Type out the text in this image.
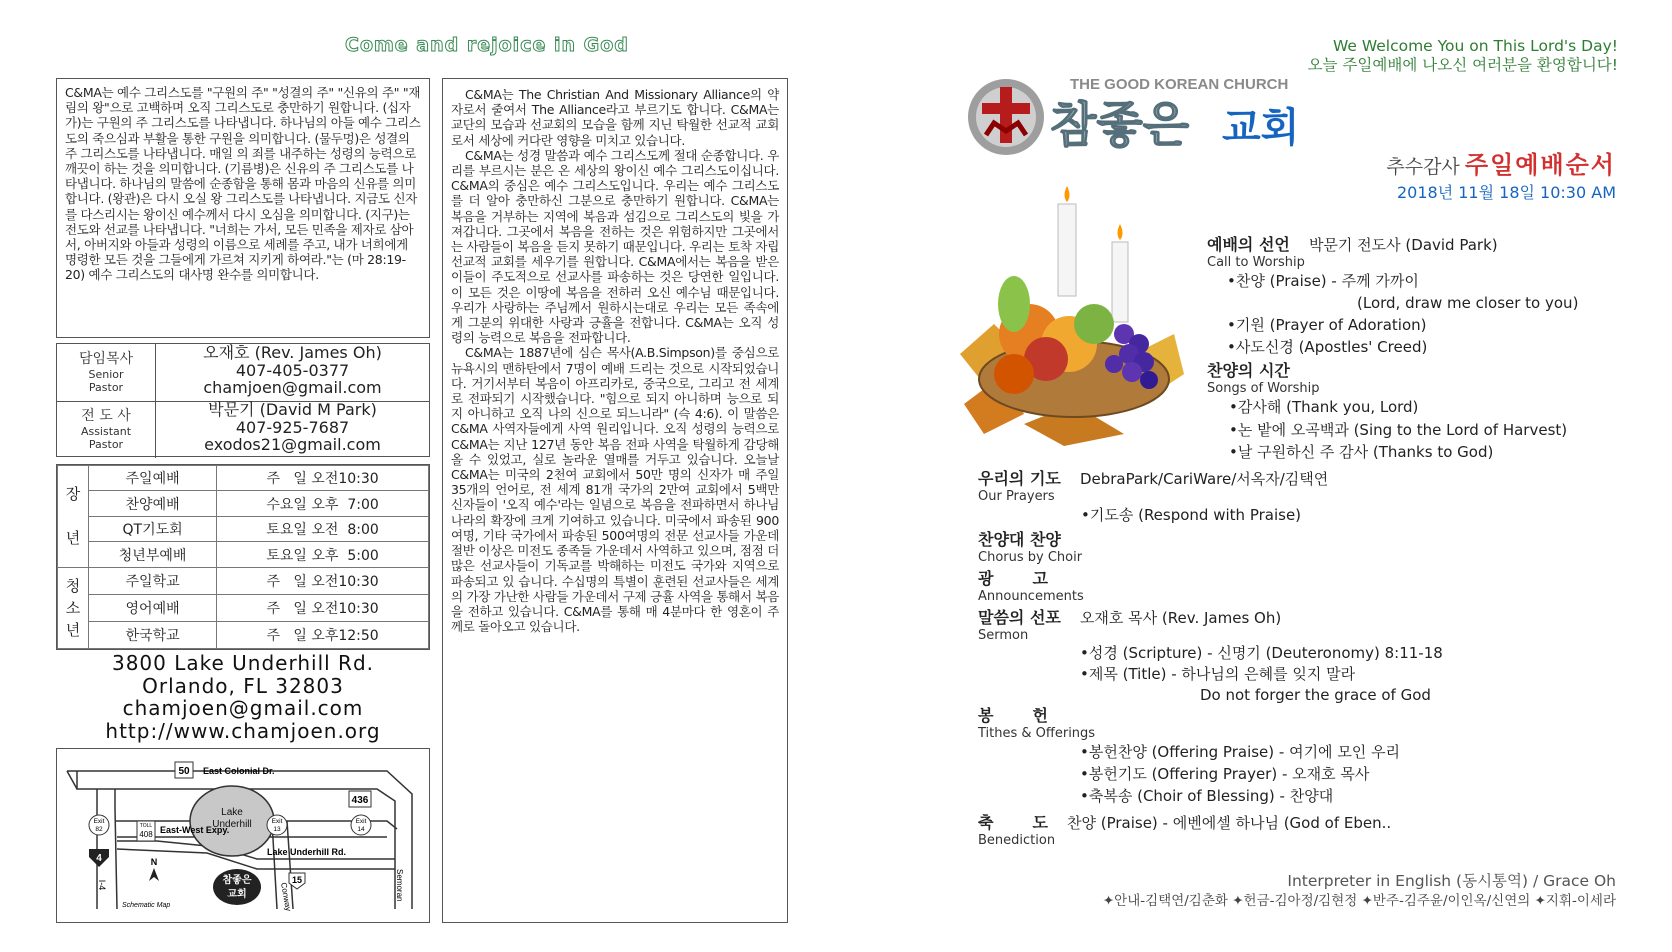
Come and rejoice in God

C&MA는 예수 그리스도를 "구원의 주" "성결의 주" "신유의 주" "재림의 왕"으로 고백하며 오직 그리스도로 충만하기 원합니다. (십자가)는 구원의 주 그리스도를 나타냅니다. 하나님의 아들 예수 그리스도의 죽으심과 부활을 통한 구원을 의미합니다. (물두멍)은 성결의 주 그리스도를 나타냅니다. 매일 의 죄를 내주하는 성령의 능력으로 깨끗이 하는 것을 의미합니다. (기름병)은 신유의 주 그리스도를 나타냅니다. 하나님의 말씀에 순종함을 통해 몸과 마음의 신유를 의미합니다. (왕관)은 다시 오실 왕 그리스도를 나타냅니다. 지금도 신자를 다스리시는 왕이신 예수께서 다시 오심을 의미합니다. (지구)는 전도와 선교를 나타냅니다. "너희는 가서, 모든 민족을 제자로 삼아서, 아버지와 아들과 성령의 이름으로 세례를 주고, 내가 너희에게 명령한 모든 것을 그들에게 가르쳐 지키게 하여라."는 (마 28:19-20) 예수 그리스도의 대사명 완수를 의미합니다.

담임목사
Senior
Pastor
오재호 (Rev. James Oh)
407-405-0377
chamjoen@gmail.com
전 도 사
Assistant
Pastor
박문기 (David M Park)
407-925-7687
exodos21@gmail.com
장

년	주일예배	주   일 오전10:30
	찬양예배	수요일 오후  7:00
	QT기도회	토요일 오전  8:00
	청년부예배	토요일 오후  5:00
청
소
년	주일학교	주   일 오전10:30
	영어예배	주   일 오전10:30
	한국학교	주   일 오후12:50
3800 Lake Underhill Rd.
Orlando, FL 32803
chamjoen@gmail.com
http://www.chamjoen.org
Lake
Underhill
50 East Colonial Dr.
East-West Expy.
TOLL
408
Exit
82
Exit
13
Exit
14
436
Lake Underhill Rd.
4
I-4
N
Schematic Map
참좋은
교회	Conway
15	Semoran

C&MA는 The Christian And Missionary Alliance의 약자로서 줄여서 The Alliance라고 부르기도 합니다. C&MA는 교단의 모습과 선교회의 모습을 함께 지닌 탁월한 선교적 교회로서 세상에 커다란 영향을 미치고 있습니다.

C&MA는 성경 말씀과 예수 그리스도께 절대 순종합니다. 우리를 부르시는 분은 온 세상의 왕이신 예수 그리스도이십니다. C&MA의 중심은 예수 그리스도입니다. 우리는 예수 그리스도를 더 알아 충만하신 그분으로 충만하기 원합니다. C&MA는 복음을 거부하는 지역에 복음과 섬김으로 그리스도의 빛을 가져갑니다. 그곳에서 복음을 전하는 것은 위험하지만 그곳에서는 사람들이 복음을 듣지 못하기 때문입니다. 우리는 토착 자립 선교적 교회를 세우기를 원합니다. C&MA에서는 복음을 받은 이들이 주도적으로 선교사를 파송하는 것은 당연한 일입니다. 이 모든 것은 이땅에 복음을 전하러 오신 예수님 때문입니다. 우리가 사랑하는 주님께서 원하시는대로 우리는 모든 족속에게 그분의 위대한 사랑과 긍휼을 전합니다. C&MA는 오직 성령의 능력으로 복음을 전파합니다.

C&MA는 1887년에 심슨 목사(A.B.Simpson)를 중심으로 뉴욕시의 맨하탄에서 7명이 예배 드리는 것으로 시작되었습니다. 거기서부터 복음이 아프리카로, 중국으로, 그리고 전 세계로 전파되기 시작했습니다. "힘으로 되지 아니하며 능으로 되지 아니하고 오직 나의 신으로 되느니라" (슥 4:6). 이 말씀은 C&MA 사역자들에게 사역 원리입니다. 오직 성령의 능력으로 C&MA는 지난 127년 동안 복음 전파 사역을 탁월하게 감당해 올 수 있었고, 실로 놀라운 열매를 거두고 있습니다. 오늘날 C&MA는 미국의 2천여 교회에서 50만 명의 신자가 매 주일 35개의 언어로, 전 세계 81개 국가의 2만여 교회에서 5백만 신자들이 '오직 예수'라는 일념으로 복음을 전파하면서 하나님 나라의 확장에 크게 기여하고 있습니다. 미국에서 파송된 900여명, 기타 국가에서 파송된 500여명의 전문 선교사들 가운데 절반 이상은 미전도 종족들 가운데서 사역하고 있으며, 점점 더 많은 선교사들이 기독교를 박해하는 미전도 국가와 지역으로 파송되고 있 습니다. 수십명의 특별이 훈련된 선교사들은 세계의 가장 가난한 사람들 가운데서 구제 긍휼 사역을 통해서 복음을 전하고 있습니다. C&MA를 통해 매 4분마다 한 영혼이 주께로 돌아오고 있습니다.

We Welcome You on This Lord's Day!
오늘 주일예배에 나오신 여러분을 환영합니다!
THE GOOD KOREAN CHURCH
참좋은 교회
추수감사 주일예배순서
2018년 11월 18일 10:30 AM
예배의 선언 박문기 전도사 (David Park)
Call to Worship
•찬양 (Praise) - 주께 가까이
(Lord, draw me closer to you)
•기원 (Prayer of Adoration)
•사도신경 (Apostles' Creed)
찬양의 시간
Songs of Worship
•감사해 (Thank you, Lord)
•논 밭에 오곡백과 (Sing to the Lord of Harvest)
•날 구원하신 주 감사 (Thanks to God)
우리의 기도 DebraPark/CariWare/서옥자/김택연
Our Prayers
•기도송 (Respond with Praise)
찬양대 찬양
Chorus by Choir
광       고
Announcements
말씀의 선포 오재호 목사 (Rev. James Oh)
Sermon
•성경 (Scripture) - 신명기 (Deuteronomy) 8:11-18
•제목 (Title) - 하나님의 은혜를 잊지 말라
Do not forger the grace of God
봉       헌
Tithes & Offerings
•봉헌찬양 (Offering Praise) - 여기에 모인 우리
•봉헌기도 (Offering Prayer) - 오재호 목사
•축복송 (Choir of Blessing) - 찬양대
축       도 찬양 (Praise) - 에벤에셀 하나님 (God of Eben..
Benediction
Interpreter in English (동시통역) / Grace Oh
✦안내-김택연/김춘화 ✦헌금-김아정/김현정 ✦반주-김주윤/이인옥/신연의 ✦지휘-이세라
